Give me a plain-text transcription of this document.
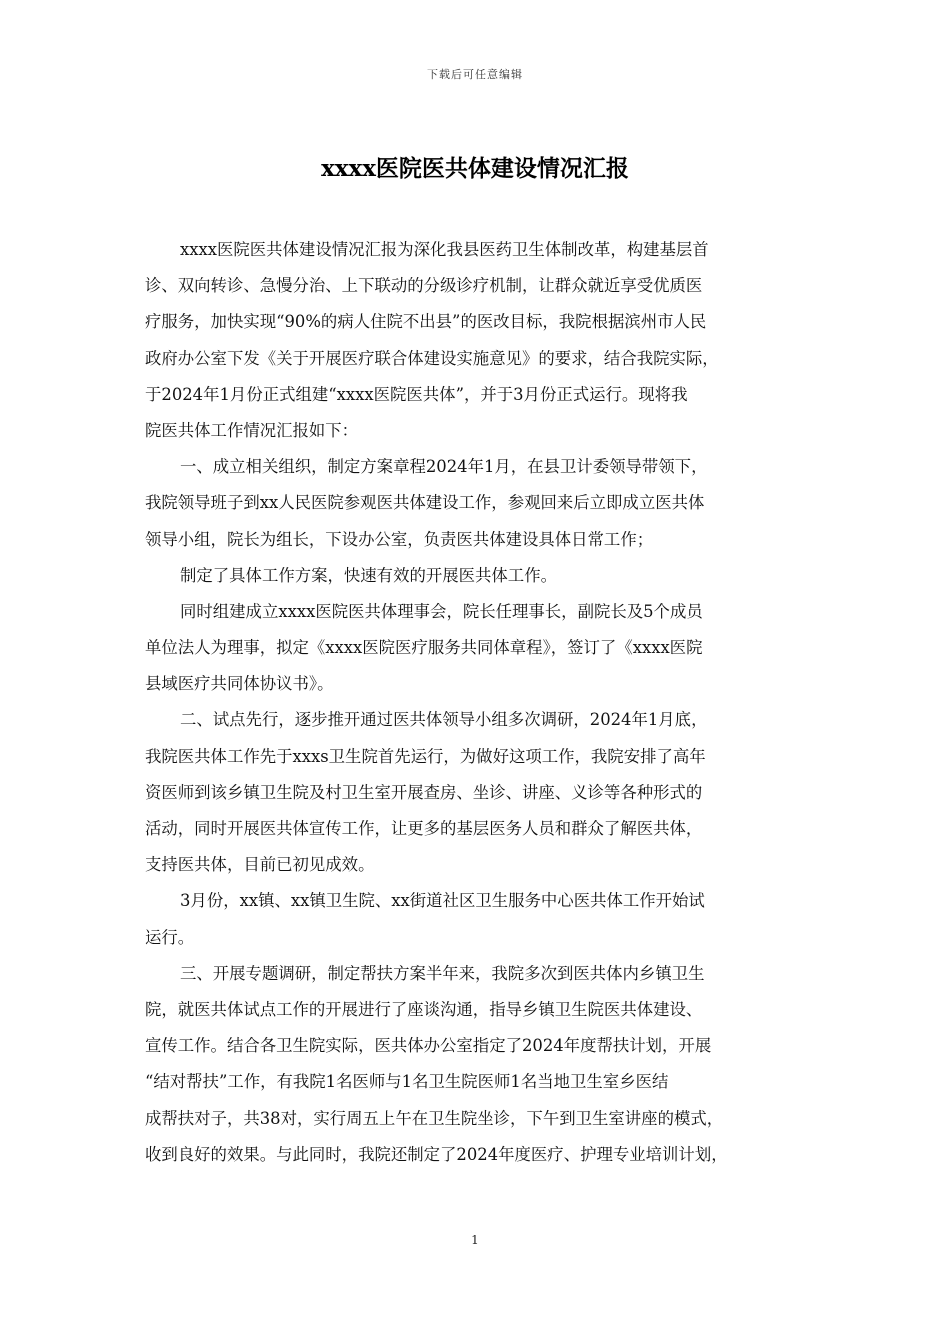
下载后可任意编辑
xxxx医院医共体建设情况汇报
xxxx医院医共体建设情况汇报为深化我县医药卫生体制改革，构建基层首
诊、双向转诊、急慢分治、上下联动的分级诊疗机制，让群众就近享受优质医
疗服务，加快实现“90%的病人住院不出县”的医改目标，我院根据滨州市人民
政府办公室下发《关于开展医疗联合体建设实施意见》的要求，结合我院实际，
于2024年1月份正式组建“xxxx医院医共体”，并于3月份正式运行。现将我
院医共体工作情况汇报如下：
一、成立相关组织，制定方案章程2024年1月，在县卫计委领导带领下，
我院领导班子到xx人民医院参观医共体建设工作，参观回来后立即成立医共体
领导小组，院长为组长，下设办公室，负责医共体建设具体日常工作；
制定了具体工作方案，快速有效的开展医共体工作。
同时组建成立xxxx医院医共体理事会，院长任理事长，副院长及5个成员
单位法人为理事，拟定《xxxx医院医疗服务共同体章程》，签订了《xxxx医院
县域医疗共同体协议书》。
二、试点先行，逐步推开通过医共体领导小组多次调研，2024年1月底，
我院医共体工作先于xxxs卫生院首先运行，为做好这项工作，我院安排了高年
资医师到该乡镇卫生院及村卫生室开展查房、坐诊、讲座、义诊等各种形式的
活动，同时开展医共体宣传工作，让更多的基层医务人员和群众了解医共体，
支持医共体，目前已初见成效。
3月份，xx镇、xx镇卫生院、xx街道社区卫生服务中心医共体工作开始试
运行。
三、开展专题调研，制定帮扶方案半年来，我院多次到医共体内乡镇卫生
院，就医共体试点工作的开展进行了座谈沟通，指导乡镇卫生院医共体建设、
宣传工作。结合各卫生院实际，医共体办公室指定了2024年度帮扶计划，开展
“结对帮扶”工作，有我院1名医师与1名卫生院医师1名当地卫生室乡医结
成帮扶对子，共38对，实行周五上午在卫生院坐诊，下午到卫生室讲座的模式，
收到良好的效果。与此同时，我院还制定了2024年度医疗、护理专业培训计划，
1
